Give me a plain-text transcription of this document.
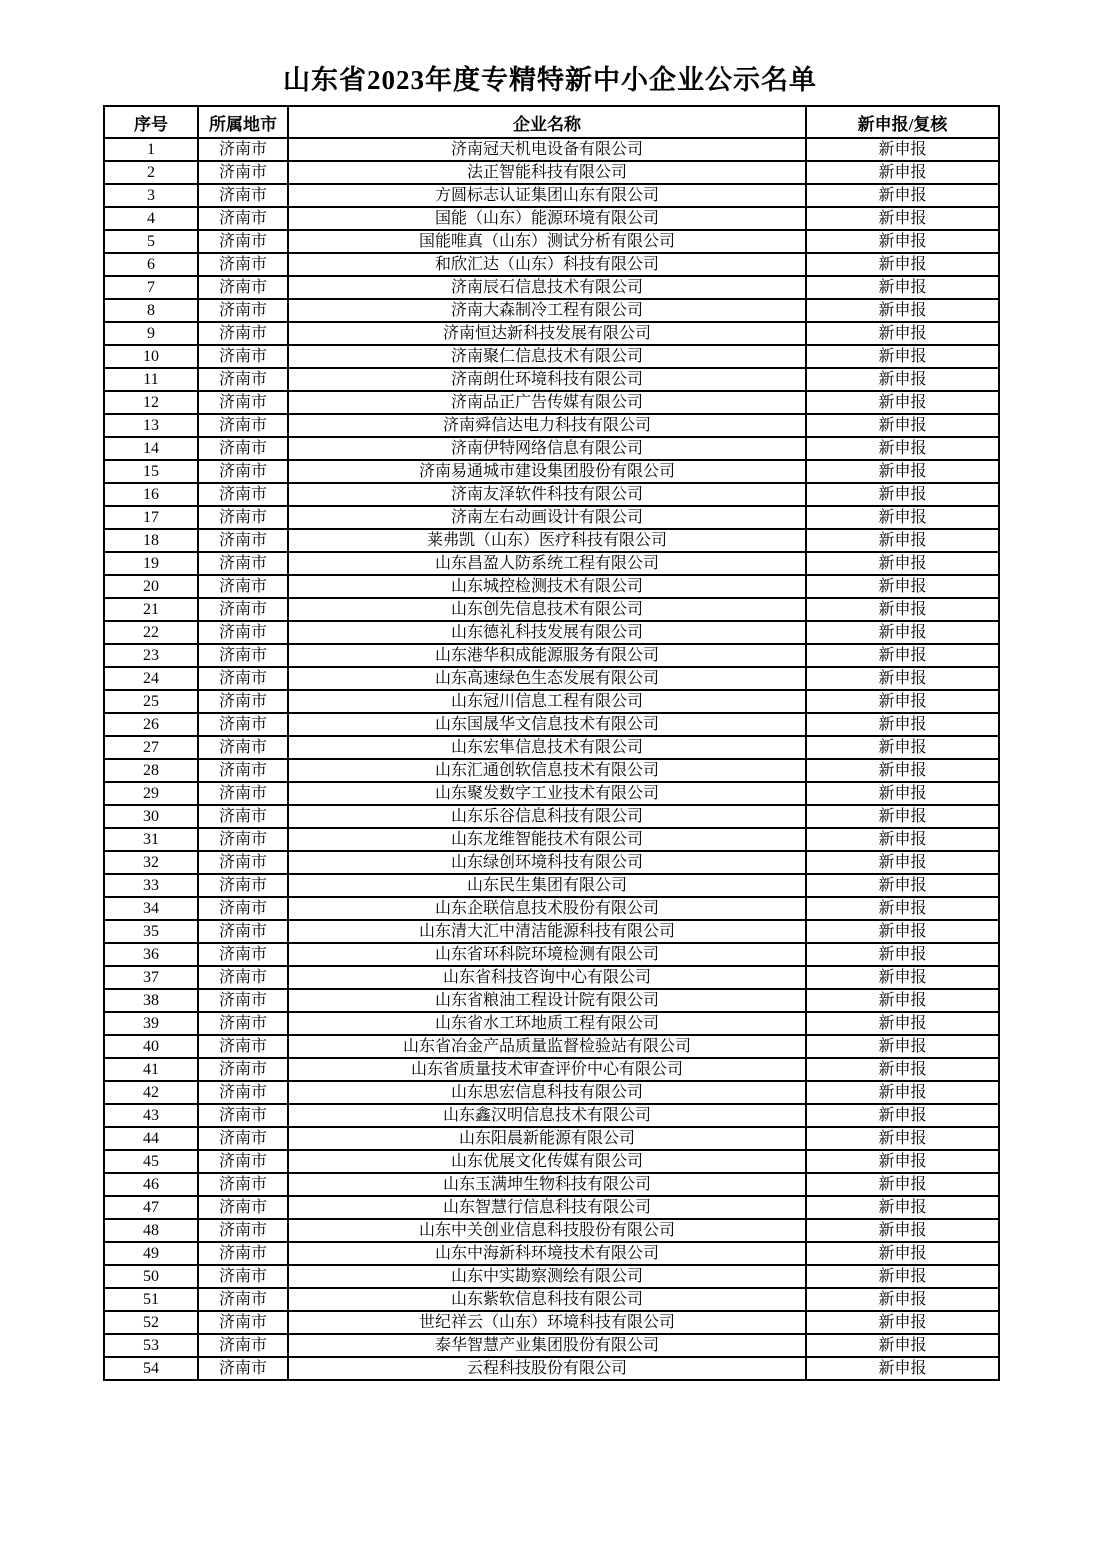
山东省2023年度专精特新中小企业公示名单
序号	所属地市	企业名称	新申报/复核
1	济南市	济南冠天机电设备有限公司	新申报
2	济南市	法正智能科技有限公司	新申报
3	济南市	方圆标志认证集团山东有限公司	新申报
4	济南市	国能（山东）能源环境有限公司	新申报
5	济南市	国能唯真（山东）测试分析有限公司	新申报
6	济南市	和欣汇达（山东）科技有限公司	新申报
7	济南市	济南辰石信息技术有限公司	新申报
8	济南市	济南大森制冷工程有限公司	新申报
9	济南市	济南恒达新科技发展有限公司	新申报
10	济南市	济南聚仁信息技术有限公司	新申报
11	济南市	济南朗仕环境科技有限公司	新申报
12	济南市	济南品正广告传媒有限公司	新申报
13	济南市	济南舜信达电力科技有限公司	新申报
14	济南市	济南伊特网络信息有限公司	新申报
15	济南市	济南易通城市建设集团股份有限公司	新申报
16	济南市	济南友泽软件科技有限公司	新申报
17	济南市	济南左右动画设计有限公司	新申报
18	济南市	莱弗凯（山东）医疗科技有限公司	新申报
19	济南市	山东昌盈人防系统工程有限公司	新申报
20	济南市	山东城控检测技术有限公司	新申报
21	济南市	山东创先信息技术有限公司	新申报
22	济南市	山东德礼科技发展有限公司	新申报
23	济南市	山东港华积成能源服务有限公司	新申报
24	济南市	山东高速绿色生态发展有限公司	新申报
25	济南市	山东冠川信息工程有限公司	新申报
26	济南市	山东国晟华文信息技术有限公司	新申报
27	济南市	山东宏隼信息技术有限公司	新申报
28	济南市	山东汇通创软信息技术有限公司	新申报
29	济南市	山东聚发数字工业技术有限公司	新申报
30	济南市	山东乐谷信息科技有限公司	新申报
31	济南市	山东龙维智能技术有限公司	新申报
32	济南市	山东绿创环境科技有限公司	新申报
33	济南市	山东民生集团有限公司	新申报
34	济南市	山东企联信息技术股份有限公司	新申报
35	济南市	山东清大汇中清洁能源科技有限公司	新申报
36	济南市	山东省环科院环境检测有限公司	新申报
37	济南市	山东省科技咨询中心有限公司	新申报
38	济南市	山东省粮油工程设计院有限公司	新申报
39	济南市	山东省水工环地质工程有限公司	新申报
40	济南市	山东省冶金产品质量监督检验站有限公司	新申报
41	济南市	山东省质量技术审查评价中心有限公司	新申报
42	济南市	山东思宏信息科技有限公司	新申报
43	济南市	山东鑫汉明信息技术有限公司	新申报
44	济南市	山东阳晨新能源有限公司	新申报
45	济南市	山东优展文化传媒有限公司	新申报
46	济南市	山东玉满坤生物科技有限公司	新申报
47	济南市	山东智慧行信息科技有限公司	新申报
48	济南市	山东中关创业信息科技股份有限公司	新申报
49	济南市	山东中海新科环境技术有限公司	新申报
50	济南市	山东中实勘察测绘有限公司	新申报
51	济南市	山东紫软信息科技有限公司	新申报
52	济南市	世纪祥云（山东）环境科技有限公司	新申报
53	济南市	泰华智慧产业集团股份有限公司	新申报
54	济南市	云程科技股份有限公司	新申报
